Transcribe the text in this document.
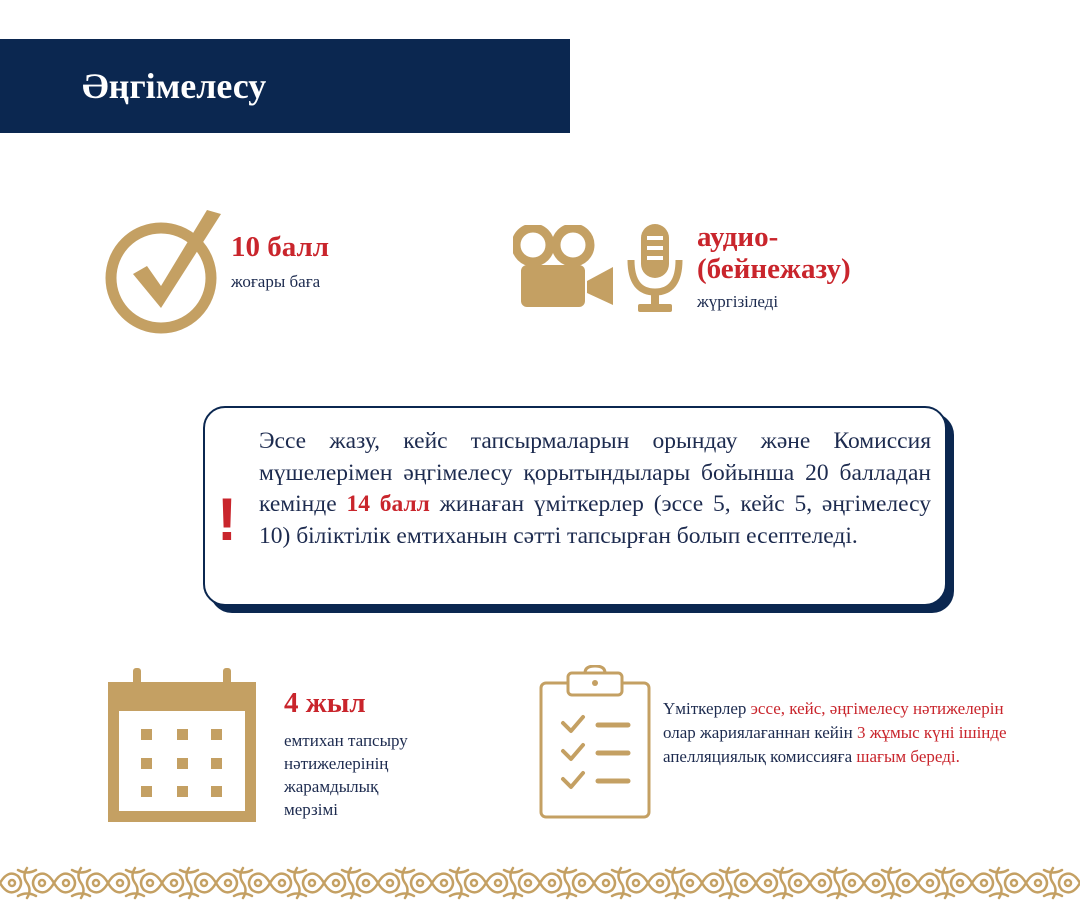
Әңгімелесу
10 балл
жоғары баға
аудио-
(бейнежазу)
жүргізіледі
!
Эссе жазу, кейс тапсырмаларын орындау және Комиссия мүшелерімен әңгімелесу қорытындылары бойынша 20 балладан кемінде 14 балл жинаған үміткерлер (эссе 5, кейс 5, әңгімелесу 10) біліктілік емтиханын сәтті тапсырған болып есептеледі.
4 жыл
емтихан тапсыру
нәтижелерінің
жарамдылық
мерзімі
Үміткерлер эссе, кейс, әңгімелесу нәтижелерін олар жариялағаннан кейін 3 жұмыс күні ішінде апелляциялық комиссияға шағым береді.
